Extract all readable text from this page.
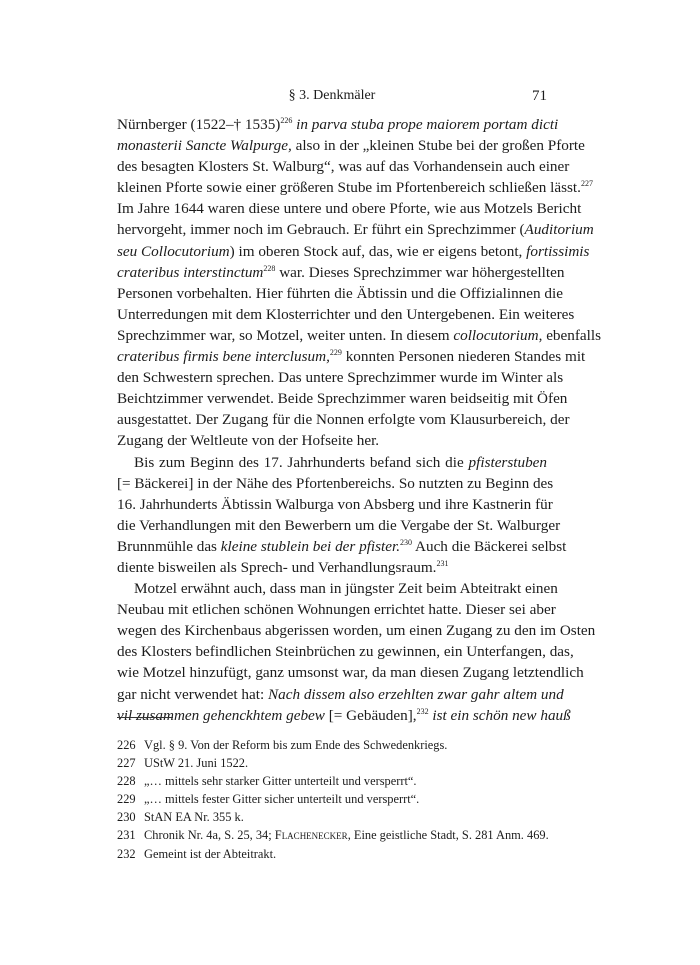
§ 3. Denkmäler	71
Nürnberger (1522–† 1535)$^{226}$ in parva stuba prope maiorem portam dicti
monasterii Sancte Walpurge, also in der „kleinen Stube bei der großen Pforte
des besagten Klosters St. Walburg“, was auf das Vorhandensein auch einer
kleinen Pforte sowie einer größeren Stube im Pfortenbereich schließen lässt.$^{227}$
Im Jahre 1644 waren diese untere und obere Pforte, wie aus Motzels Bericht
hervorgeht, immer noch im Gebrauch. Er führt ein Sprechzimmer (Auditorium
seu Collocutorium) im oberen Stock auf, das, wie er eigens betont, fortissimis
crateribus interstinctum$^{228}$ war. Dieses Sprechzimmer war höhergestellten
Personen vorbehalten. Hier führten die Äbtissin und die Offizialinnen die
Unterredungen mit dem Klosterrichter und den Untergebenen. Ein weiteres
Sprechzimmer war, so Motzel, weiter unten. In diesem collocutorium, ebenfalls
crateribus firmis bene interclusum,$^{229}$ konnten Personen niederen Standes mit
den Schwestern sprechen. Das untere Sprechzimmer wurde im Winter als
Beichtzimmer verwendet. Beide Sprechzimmer waren beidseitig mit Öfen
ausgestattet. Der Zugang für die Nonnen erfolgte vom Klausurbereich, der
Zugang der Weltleute von der Hofseite her.
Bis zum Beginn des 17. Jahrhunderts befand sich die pfisterstuben
[= Bäckerei] in der Nähe des Pfortenbereichs. So nutzten zu Beginn des
16. Jahrhunderts Äbtissin Walburga von Absberg und ihre Kastnerin für
die Verhandlungen mit den Bewerbern um die Vergabe der St. Walburger
Brunnmühle das kleine stublein bei der pfister.$^{230}$ Auch die Bäckerei selbst
diente bisweilen als Sprech- und Verhandlungsraum.$^{231}$
Motzel erwähnt auch, dass man in jüngster Zeit beim Abteitrakt einen
Neubau mit etlichen schönen Wohnungen errichtet hatte. Dieser sei aber
wegen des Kirchenbaus abgerissen worden, um einen Zugang zu den im Osten
des Klosters befindlichen Steinbrüchen zu gewinnen, ein Unterfangen, das,
wie Motzel hinzufügt, ganz umsonst war, da man diesen Zugang letztendlich
gar nicht verwendet hat: Nach dissem also erzehlten zwar gahr altem und
vil zusammen gehenckhtem gebew [= Gebäuden],$^{232}$ ist ein schön new hauß
226 Vgl. § 9. Von der Reform bis zum Ende des Schwedenkriegs.
227 UStW 21. Juni 1522.
228 „… mittels sehr starker Gitter unterteilt und versperrt“.
229 „… mittels fester Gitter sicher unterteilt und versperrt“.
230 StAN EA Nr. 355 k.
231 Chronik Nr. 4a, S. 25, 34; Flachenecker, Eine geistliche Stadt, S. 281 Anm. 469.
232 Gemeint ist der Abteitrakt.
